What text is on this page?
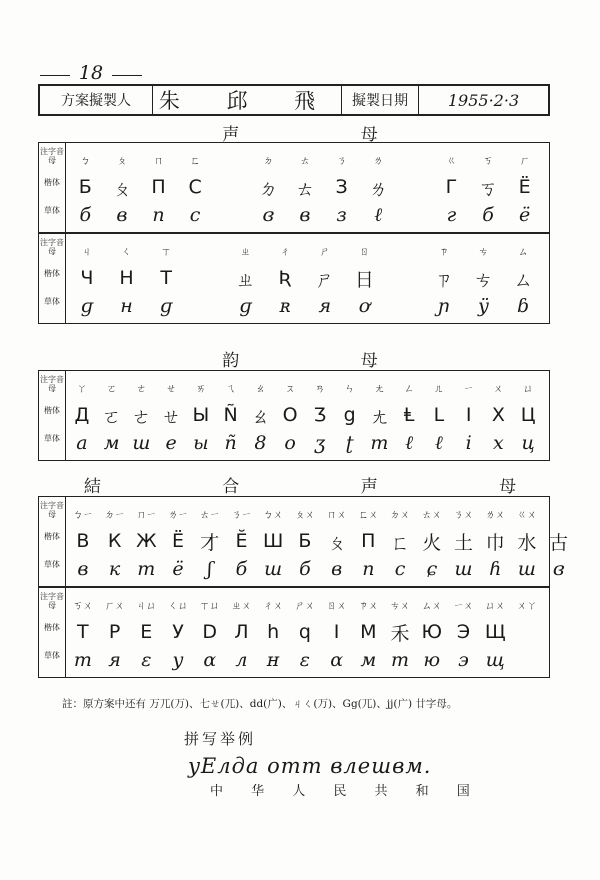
18
方案擬製人 朱 邱 飛 擬製日期 1955·2·3
声 母
注字音母	ㄅ	ㄆ	ㄇ	ㄈ	ㄉ	ㄊ	ㄋ	ㄌ	ㄍ	ㄎ	ㄏ
楷体 Б	ㄆ	П	Ϲ	ㄉ ㄊ	З	ㄌ	Г	ㄎ	Ё
草体	б	в	п	с	ɞ	в	з	ℓ	г	б	ë
注字音母	ㄐ	ㄑ	ㄒ	ㄓ	ㄔ	ㄕ	ㄖ	ㄗ	ㄘ	ㄙ
楷体	Ч	Н	Т	ㄓ	Ʀ	ㄕ	日	ㄗ	ㄘ	ㄙ
草体	ɡ	н	ɡ	ɡ	ʀ	я	ơ	ɲ	ÿ	ɓ
韵 母
注字音母	ㄚ	ㄛ	ㄜ	ㄝ	ㄞ	ㄟ	ㄠ	ㄡ	ㄢ	ㄣ	ㄤ	ㄥ	ㄦ	ㄧ	ㄨ	ㄩ
楷体 Д ㄛ ㄜ ㄝ Ы Ñ ㄠ О Ʒ ց ㄤ Ⱡ	Ⅼ	Ⅰ	Х Ц
草体 а м ш е ы ñ 8 о ʒ	ʈ т ℓ	ℓ	і	х ц
結 合 声 母
注字音母	ㄅㄧ	ㄉㄧ	ㄇㄧ	ㄌㄧ	ㄊㄧ	ㄋㄧ	ㄅㄨ	ㄆㄨ	ㄇㄨ	ㄈㄨ	ㄉㄨ	ㄊㄨ	ㄋㄨ	ㄌㄨ	ㄍㄨ
楷体 В К Ж Ё 才 Ӗ Ш Б ㄆ П ㄈ 火 土 巾 水 古
草体 в	к т ё	ʃ	б ш б	в	п	с	ɕ ш ɦ ш ɞ
注字音母	ㄎㄨ	ㄏㄨ	ㄐㄩ	ㄑㄩ	ㄒㄩ	ㄓㄨ	ㄔㄨ	ㄕㄨ	ㄖㄨ	ㄗㄨ	ㄘㄨ	ㄙㄨ	ㄧㄨ	ㄩㄨ	ㄨㄚ
楷体 Т	Р	Е	У D Л h	ԛ	I	М 禾 Ю Э Щ
草体 т я	ɛ	у	ɑ	л	ʜ	ɛ	ɑ м т ю э щ
註：原方案中还有 万兀(ㄪ)、七ㄝ(ㄫ)、dd(ㄬ)、ㄐㄑ(ㄪ)、Gg(ㄫ)、jj(ㄬ) 廿字母。
拼写举例
yЕлда отт влешвм.
中 华 人 民 共 和 国
